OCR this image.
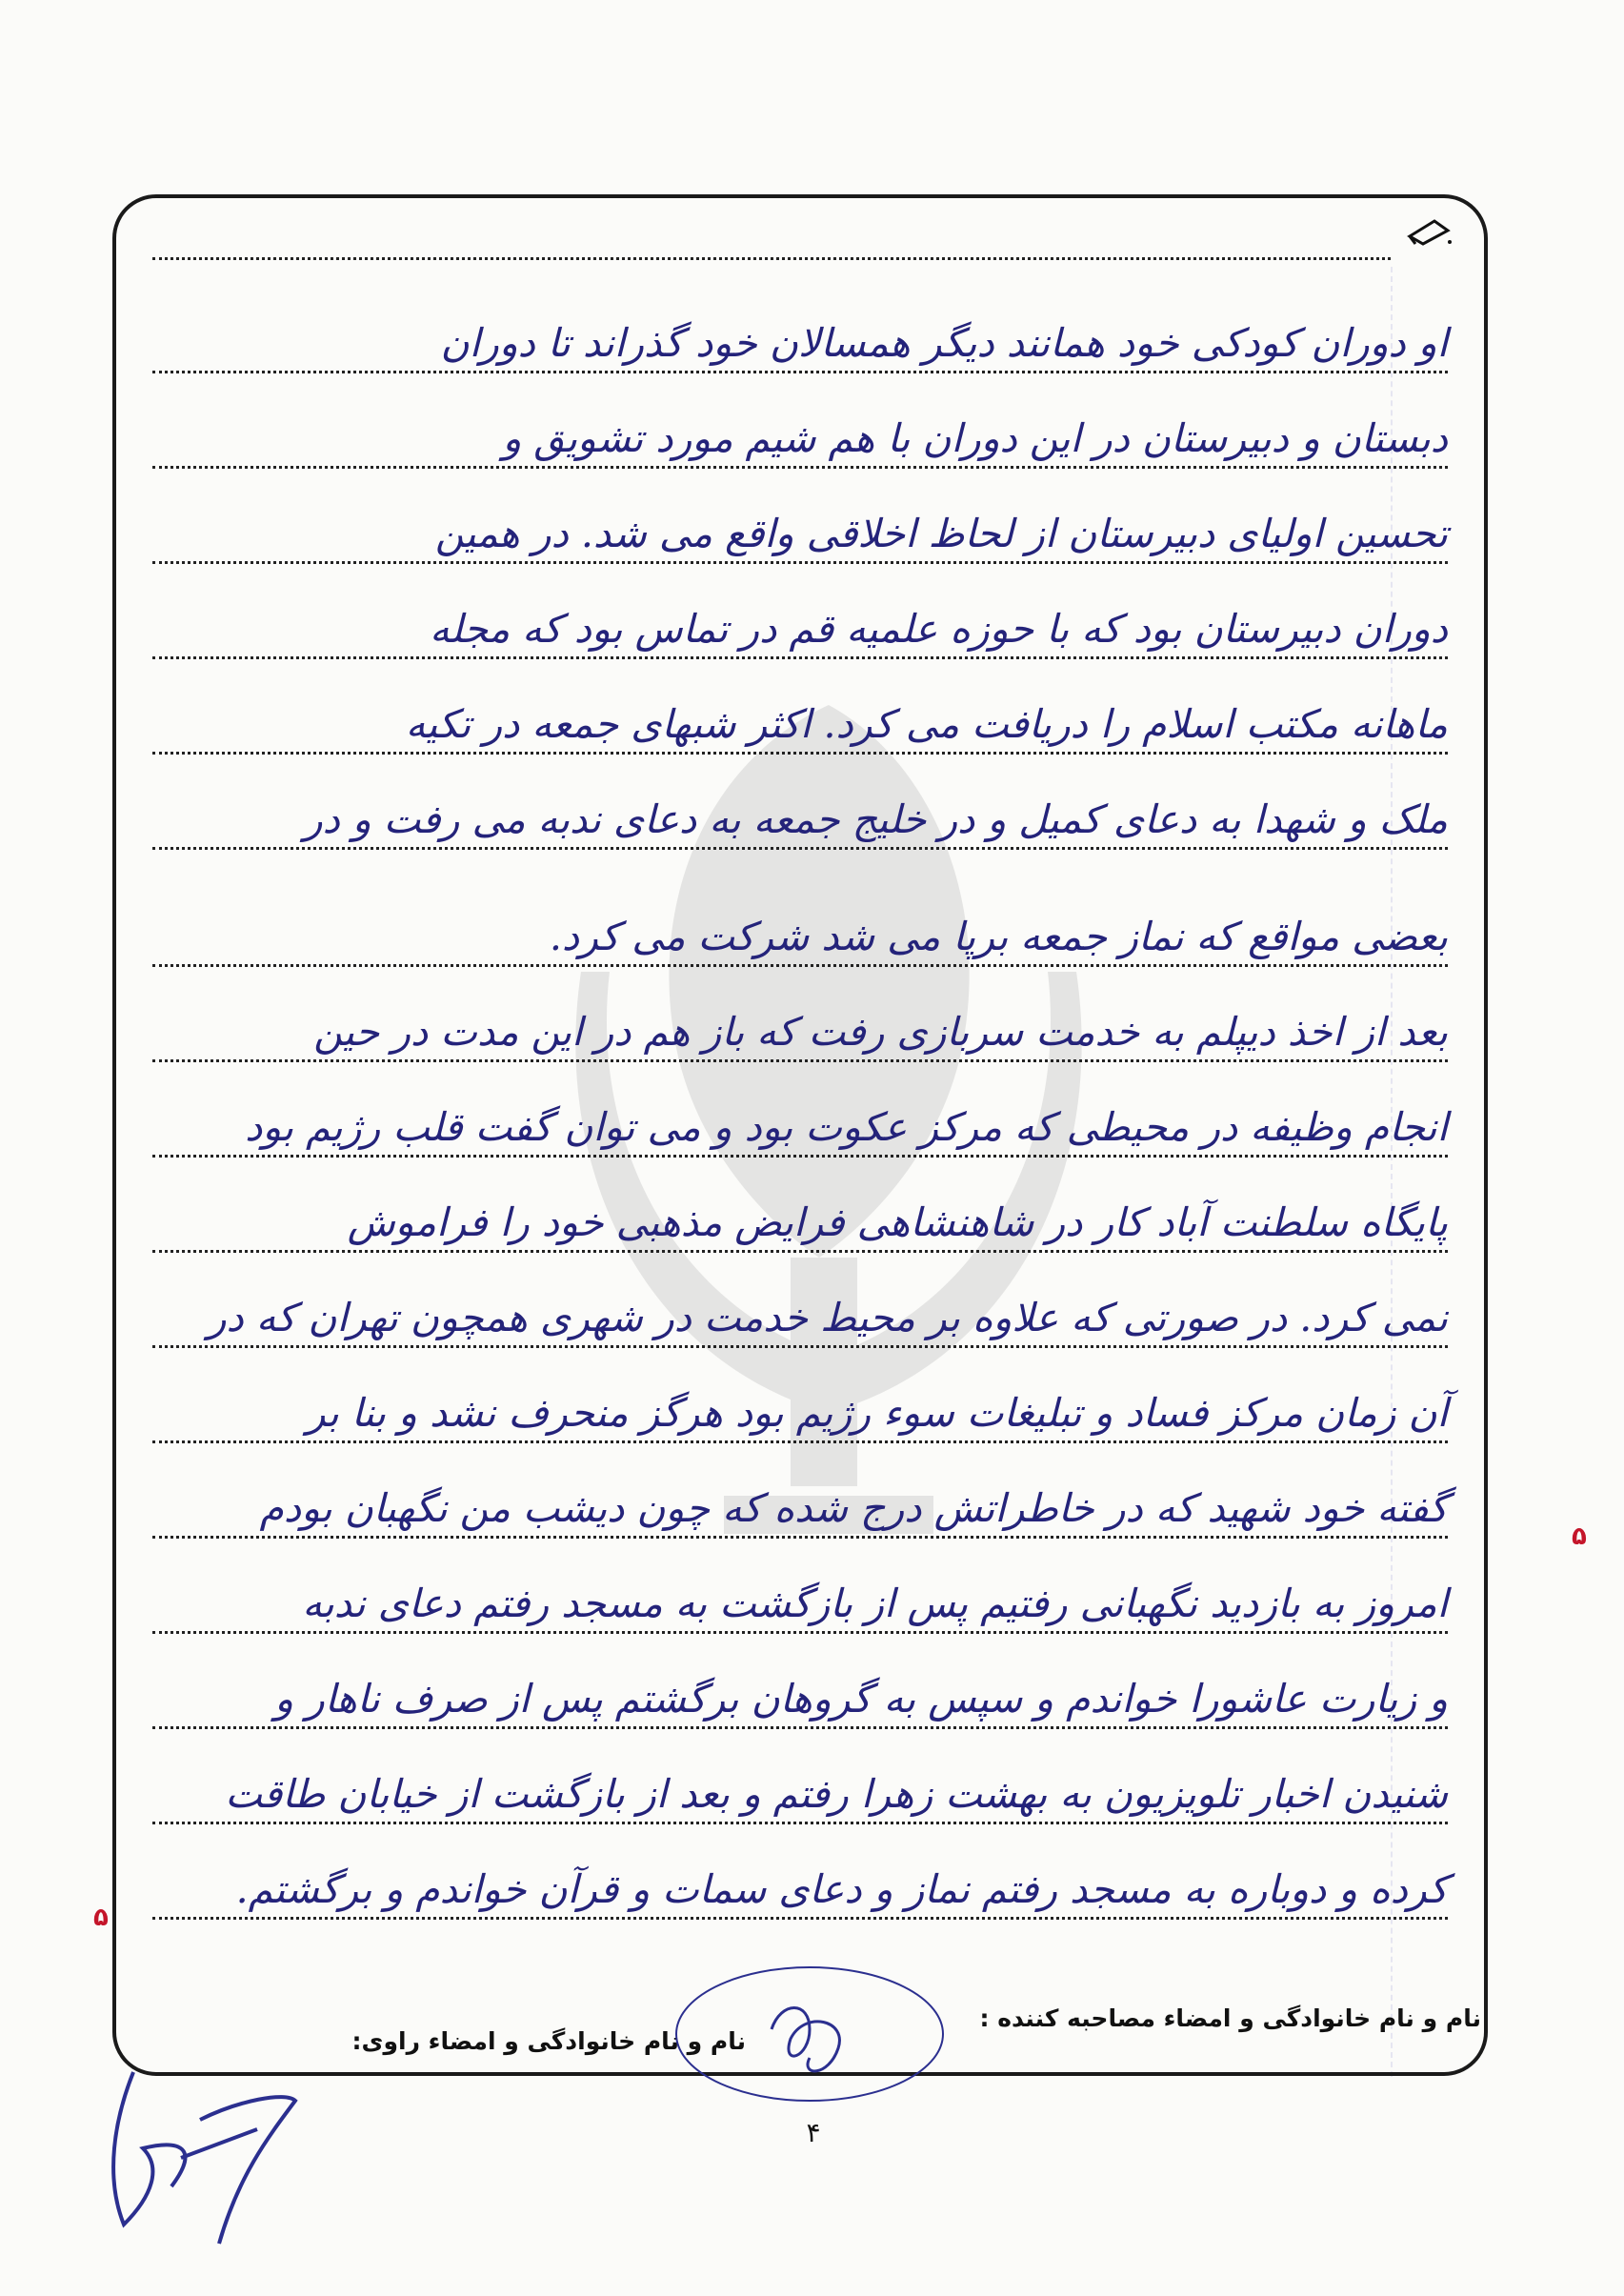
او دوران کودکی خود همانند دیگر همسالان خود گذراند تا دوران
دبستان و دبیرستان در این دوران با هم شیم مورد تشویق و
تحسین اولیای دبیرستان از لحاظ اخلاقی واقع می شد. در همین
دوران دبیرستان بود که با حوزه علمیه قم در تماس بود که مجله
ماهانه مکتب اسلام را دریافت می کرد. اکثر شبهای جمعه در تکیه
ملک و شهدا به دعای کمیل و در خلیج جمعه به دعای ندبه می رفت و در
بعضی مواقع که نماز جمعه برپا می شد شرکت می کرد.
بعد از اخذ دیپلم به خدمت سربازی رفت که باز هم در این مدت در حین
انجام وظیفه در محیطی که مرکز عکوت بود و می توان گفت قلب رژیم بود
پایگاه سلطنت آباد کار در شاهنشاهی فرایض مذهبی خود را فراموش
نمی کرد. در صورتی که علاوه بر محیط خدمت در شهری همچون تهران که در
آن زمان مرکز فساد و تبلیغات سوء رژیم بود هرگز منحرف نشد و بنا بر
گفته خود شهید که در خاطراتش درج شده که چون دیشب من نگهبان بودم
امروز به بازدید نگهبانی رفتیم پس از بازگشت به مسجد رفتم دعای ندبه
و زیارت عاشورا خواندم و سپس به گروهان برگشتم پس از صرف ناهار و
شنیدن اخبار تلویزیون به بهشت زهرا رفتم و بعد از بازگشت از خیابان طاقت
کرده و دوباره به مسجد رفتم نماز و دعای سمات و قرآن خواندم و برگشتم.
۵
۵
نام و نام خانوادگی و امضاء مصاحبه کننده :
نام و نام خانوادگی و امضاء راوی:
۴
